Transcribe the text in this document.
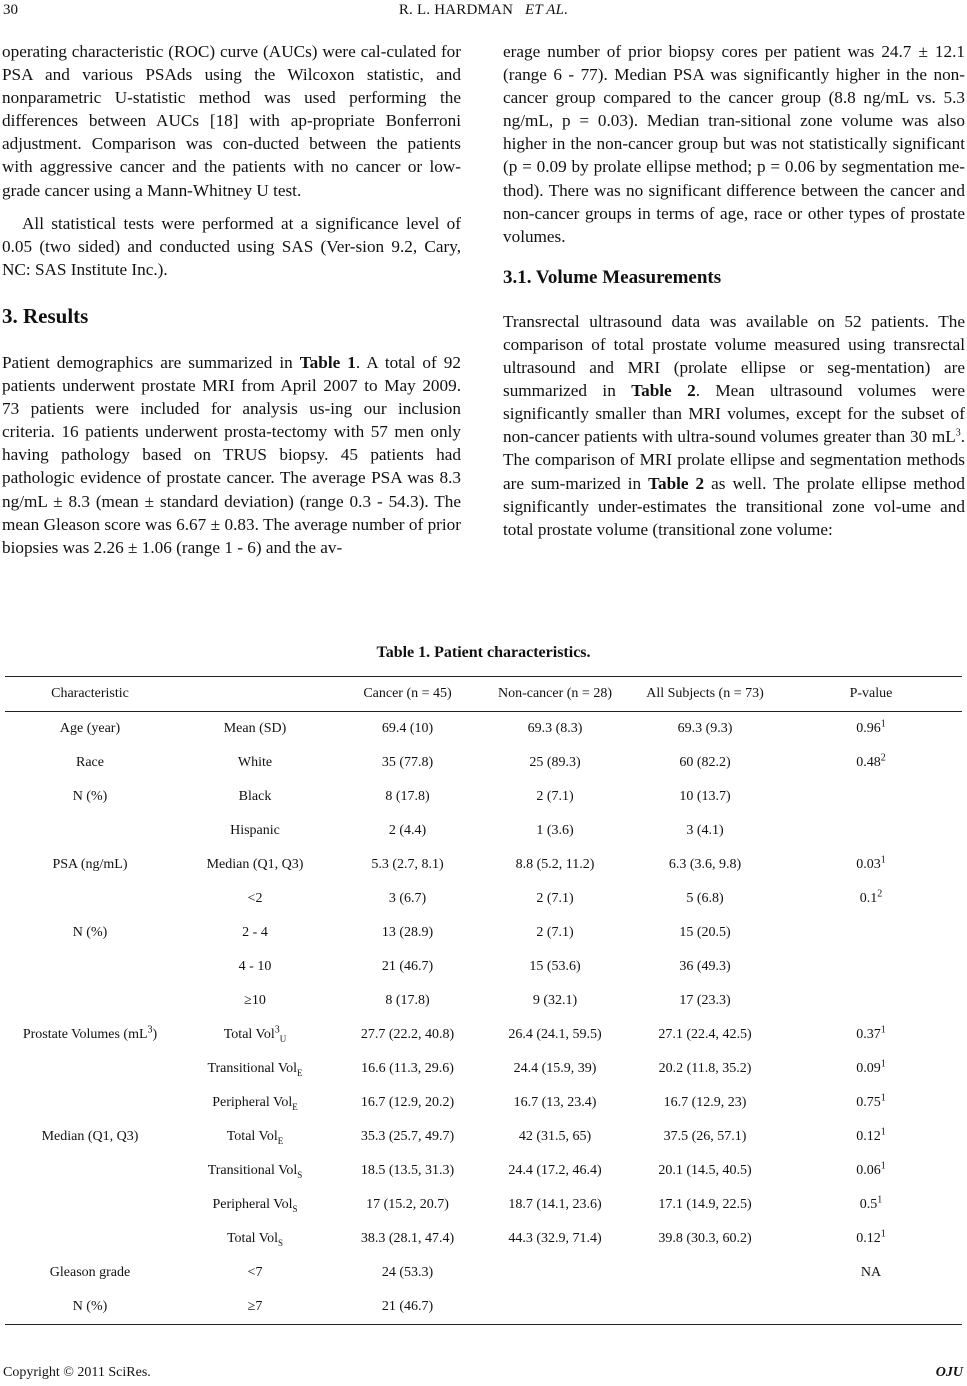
30	R. L. HARDMAN ET AL.

operating characteristic (ROC) curve (AUCs) were cal-culated for PSA and various PSAds using the Wilcoxon statistic, and nonparametric U-statistic method was used performing the differences between AUCs [18] with ap-propriate Bonferroni adjustment. Comparison was con-ducted between the patients with aggressive cancer and the patients with no cancer or low-grade cancer using a Mann-Whitney U test.

All statistical tests were performed at a significance level of 0.05 (two sided) and conducted using SAS (Ver-sion 9.2, Cary, NC: SAS Institute Inc.).

3. Results

Patient demographics are summarized in Table 1. A total of 92 patients underwent prostate MRI from April 2007 to May 2009. 73 patients were included for analysis us-ing our inclusion criteria. 16 patients underwent prosta-tectomy with 57 men only having pathology based on TRUS biopsy. 45 patients had pathologic evidence of prostate cancer. The average PSA was 8.3 ng/mL ± 8.3 (mean ± standard deviation) (range 0.3 - 54.3). The mean Gleason score was 6.67 ± 0.83. The average number of prior biopsies was 2.26 ± 1.06 (range 1 - 6) and the av-

erage number of prior biopsy cores per patient was 24.7 ± 12.1 (range 6 - 77). Median PSA was significantly higher in the non-cancer group compared to the cancer group (8.8 ng/mL vs. 5.3 ng/mL, p = 0.03). Median tran-sitional zone volume was also higher in the non-cancer group but was not statistically significant (p = 0.09 by prolate ellipse method; p = 0.06 by segmentation me-thod). There was no significant difference between the cancer and non-cancer groups in terms of age, race or other types of prostate volumes.

3.1. Volume Measurements

Transrectal ultrasound data was available on 52 patients. The comparison of total prostate volume measured using transrectal ultrasound and MRI (prolate ellipse or seg-mentation) are summarized in Table 2. Mean ultrasound volumes were significantly smaller than MRI volumes, except for the subset of non-cancer patients with ultra-sound volumes greater than 30 $mL^3$. The comparison of MRI prolate ellipse and segmentation methods are sum-marized in Table 2 as well. The prolate ellipse method significantly under-estimates the transitional zone vol-ume and total prostate volume (transitional zone volume:

Table 1. Patient characteristics.
Characteristic		Cancer (n = 45)	Non-cancer (n = 28)	All Subjects (n = 73)	P-value
Age (year)	Mean (SD)	69.4 (10)	69.3 (8.3)	69.3 (9.3)	0.96$^1$
Race	White	35 (77.8)	25 (89.3)	60 (82.2)	0.48$^2$
N (%)	Black	8 (17.8)	2 (7.1)	10 (13.7)	
	Hispanic	2 (4.4)	1 (3.6)	3 (4.1)	
PSA (ng/mL)	Median (Q1, Q3)	5.3 (2.7, 8.1)	8.8 (5.2, 11.2)	6.3 (3.6, 9.8)	0.03$^1$
	<2	3 (6.7)	2 (7.1)	5 (6.8)	$0.1^2$
N (%)	2 - 4	13 (28.9)	2 (7.1)	15 (20.5)	
	4 - 10	21 (46.7)	15 (53.6)	36 (49.3)	
	≥10	8 (17.8)	9 (32.1)	17 (23.3)	
Prostate Volumes $(mL^3)$	Total Vol$^3_U$	27.7 (22.2, 40.8)	26.4 (24.1, 59.5)	27.1 (22.4, 42.5)	0.37$^1$
	Transitional Vol$_E$	16.6 (11.3, 29.6)	24.4 (15.9, 39)	20.2 (11.8, 35.2)	0.09$^1$
	Peripheral Vol$_E$	16.7 (12.9, 20.2)	16.7 (13, 23.4)	16.7 (12.9, 23)	0.75$^1$
Median (Q1, Q3)	Total Vol$_E$	35.3 (25.7, 49.7)	42 (31.5, 65)	37.5 (26, 57.1)	0.12$^1$
	Transitional Vol$_S$	18.5 (13.5, 31.3)	24.4 (17.2, 46.4)	20.1 (14.5, 40.5)	0.06$^1$
	Peripheral Vol$_S$	17 (15.2, 20.7)	18.7 (14.1, 23.6)	17.1 (14.9, 22.5)	$0.5^1$
	Total Vol$_S$	38.3 (28.1, 47.4)	44.3 (32.9, 71.4)	39.8 (30.3, 60.2)	0.12$^1$
Gleason grade	<7	24 (53.3)			NA
N (%)	≥7	21 (46.7)			
Copyright © 2011 SciRes.	OJU
